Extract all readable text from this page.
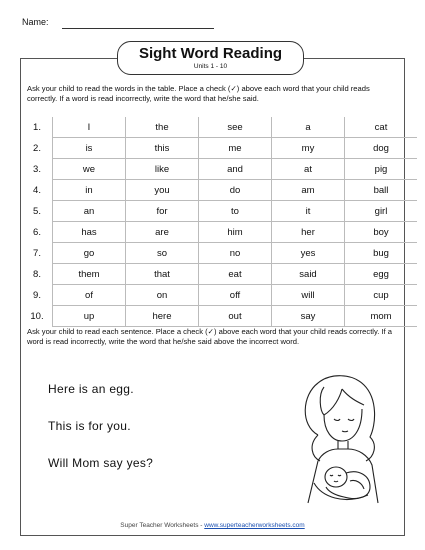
Name:
Sight Word Reading
Units 1 - 10
Ask your child to read the words in the table. Place a check (✓) above each word that your child reads correctly. If a word is read incorrectly, write the word that he/she said.
1.	I	the	see	a	cat
2.	is	this	me	my	dog
3.	we	like	and	at	pig
4.	in	you	do	am	ball
5.	an	for	to	it	girl
6.	has	are	him	her	boy
7.	go	so	no	yes	bug
8.	them	that	eat	said	egg
9.	of	on	off	will	cup
10.	up	here	out	say	mom
Ask your child to read each sentence. Place a check (✓) above each word that your child reads correctly. If a word is read incorrectly, write the word that he/she said above the incorrect word.
Here is an egg.
This is for you.
Will Mom say yes?
Super Teacher Worksheets - www.superteacherworksheets.com
